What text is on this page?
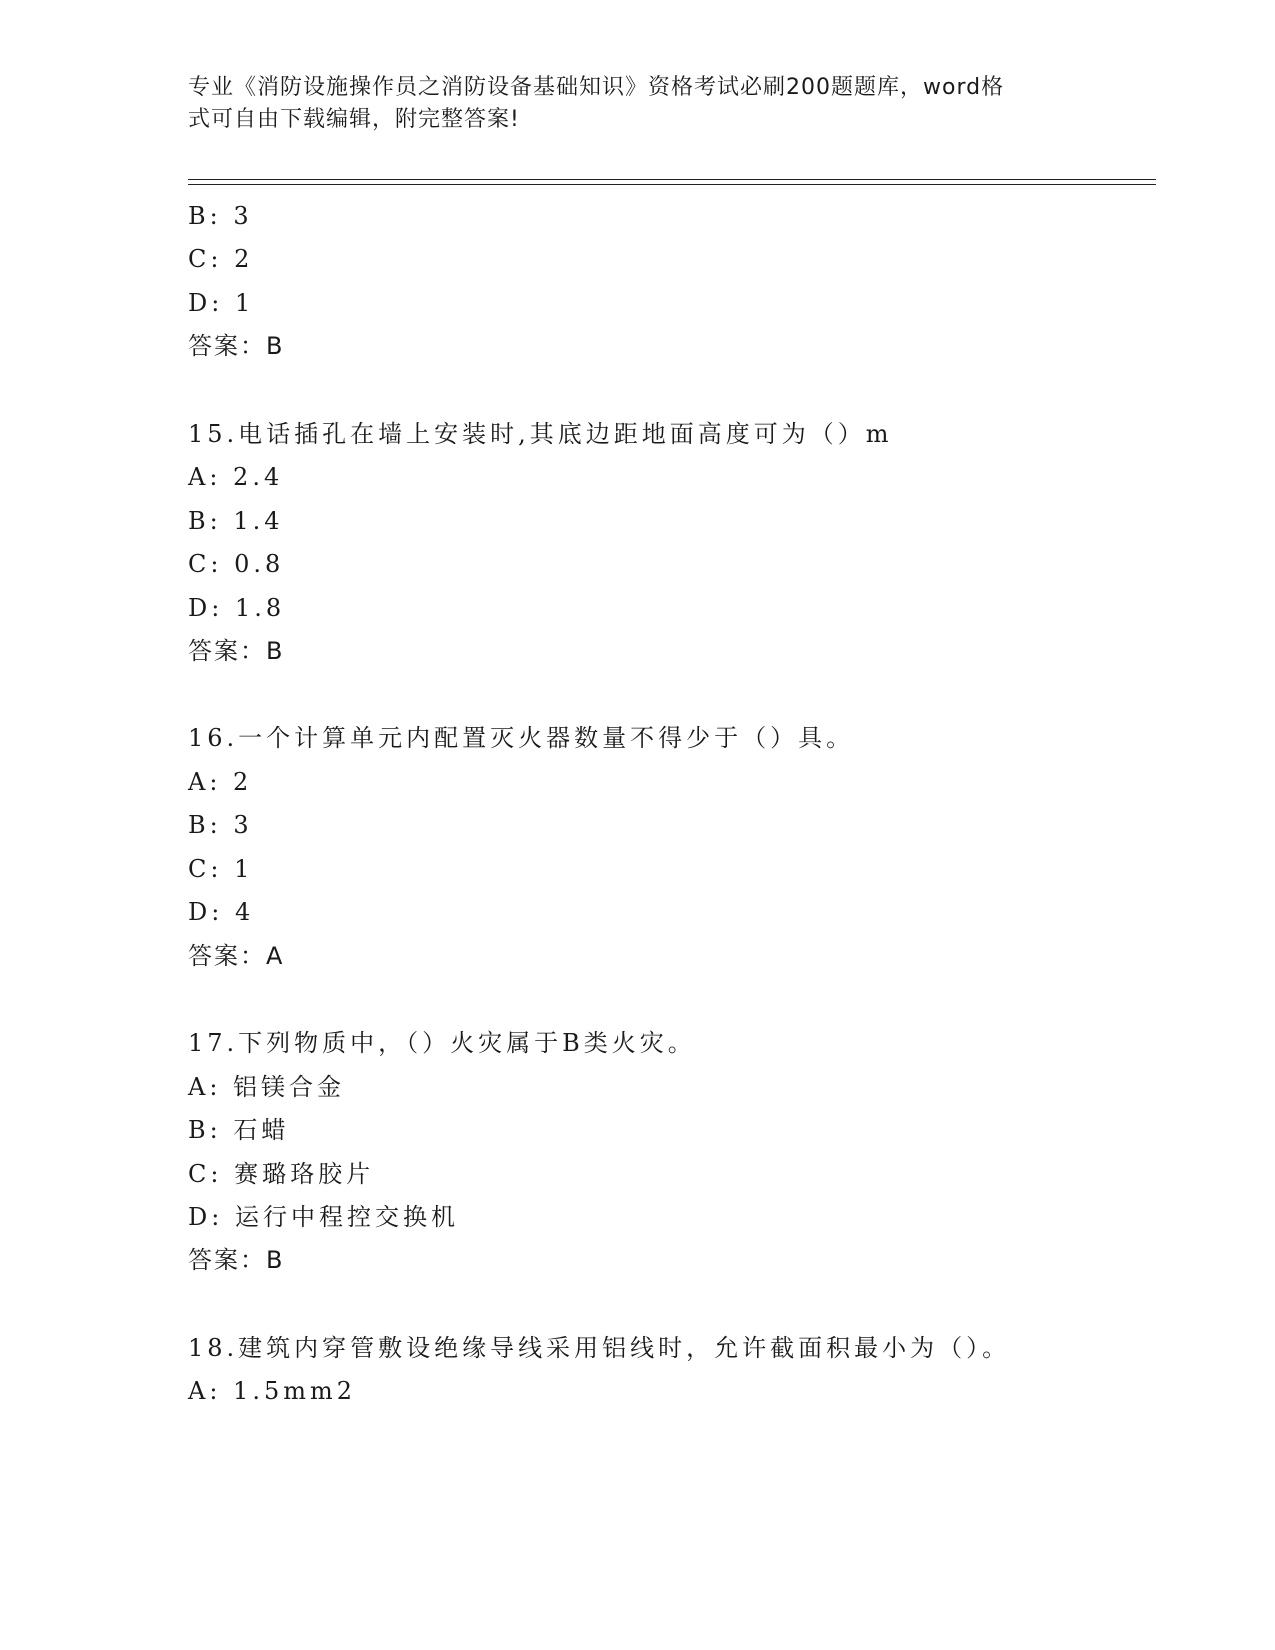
专业《消防设施操作员之消防设备基础知识》资格考试必刷200题题库，word格
式可自由下载编辑，附完整答案!
B: 3
C: 2
D: 1
答案：B
15.电话插孔在墙上安装时,其底边距地面高度可为（）m
A: 2.4
B: 1.4
C: 0.8
D: 1.8
答案：B
16.一个计算单元内配置灭火器数量不得少于（）具。
A: 2
B: 3
C: 1
D: 4
答案：A
17.下列物质中，（）火灾属于B类火灾。
A: 铝镁合金
B: 石蜡
C: 赛璐珞胶片
D: 运行中程控交换机
答案：B
18.建筑内穿管敷设绝缘导线采用铝线时，允许截面积最小为（）。
A: 1.5mm2
